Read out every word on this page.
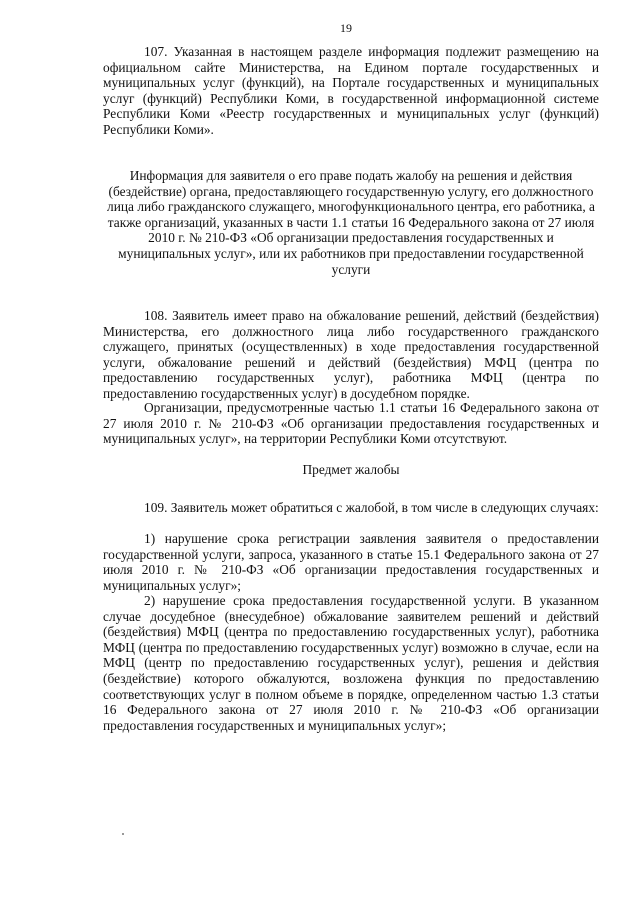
19

107. Указанная в настоящем разделе информация подлежит размещению на официальном сайте Министерства, на Едином портале государственных и муниципальных услуг (функций), на Портале государственных и муниципальных услуг (функций) Республики Коми, в государственной информационной системе Республики Коми «Реестр государственных и муниципальных услуг (функций) Республики Коми».

Информация для заявителя о его праве подать жалобу на решения и действия (бездействие) органа, предоставляющего государственную услугу, его должностного лица либо гражданского служащего, многофункционального центра, его работника, а также организаций, указанных в части 1.1 статьи 16 Федерального закона от 27 июля 2010 г. № 210-ФЗ «Об организации предоставления государственных и муниципальных услуг», или их работников при предоставлении государственной услуги

108. Заявитель имеет право на обжалование решений, действий (бездействия) Министерства, его должностного лица либо государственного гражданского служащего, принятых (осуществленных) в ходе предоставления государственной услуги, обжалование решений и действий (бездействия) МФЦ (центра по предоставлению государственных услуг), работника МФЦ (центра по предоставлению государственных услуг) в досудебном порядке.

Организации, предусмотренные частью 1.1 статьи 16 Федерального закона от 27 июля 2010 г. № 210-ФЗ «Об организации предоставления государственных и муниципальных услуг», на территории Республики Коми отсутствуют.

Предмет жалобы

109. Заявитель может обратиться с жалобой, в том числе в следующих случаях:

1) нарушение срока регистрации заявления заявителя о предоставлении государственной услуги, запроса, указанного в статье 15.1 Федерального закона от 27 июля 2010 г. № 210-ФЗ «Об организации предоставления государственных и муниципальных услуг»;

2) нарушение срока предоставления государственной услуги. В указанном случае досудебное (внесудебное) обжалование заявителем решений и действий (бездействия) МФЦ (центра по предоставлению государственных услуг), работника МФЦ (центра по предоставлению государственных услуг) возможно в случае, если на МФЦ (центр по предоставлению государственных услуг), решения и действия (бездействие) которого обжалуются, возложена функция по предоставлению соответствующих услуг в полном объеме в порядке, определенном частью 1.3 статьи 16 Федерального закона от 27 июля 2010 г. № 210-ФЗ «Об организации предоставления государственных и муниципальных услуг»;
